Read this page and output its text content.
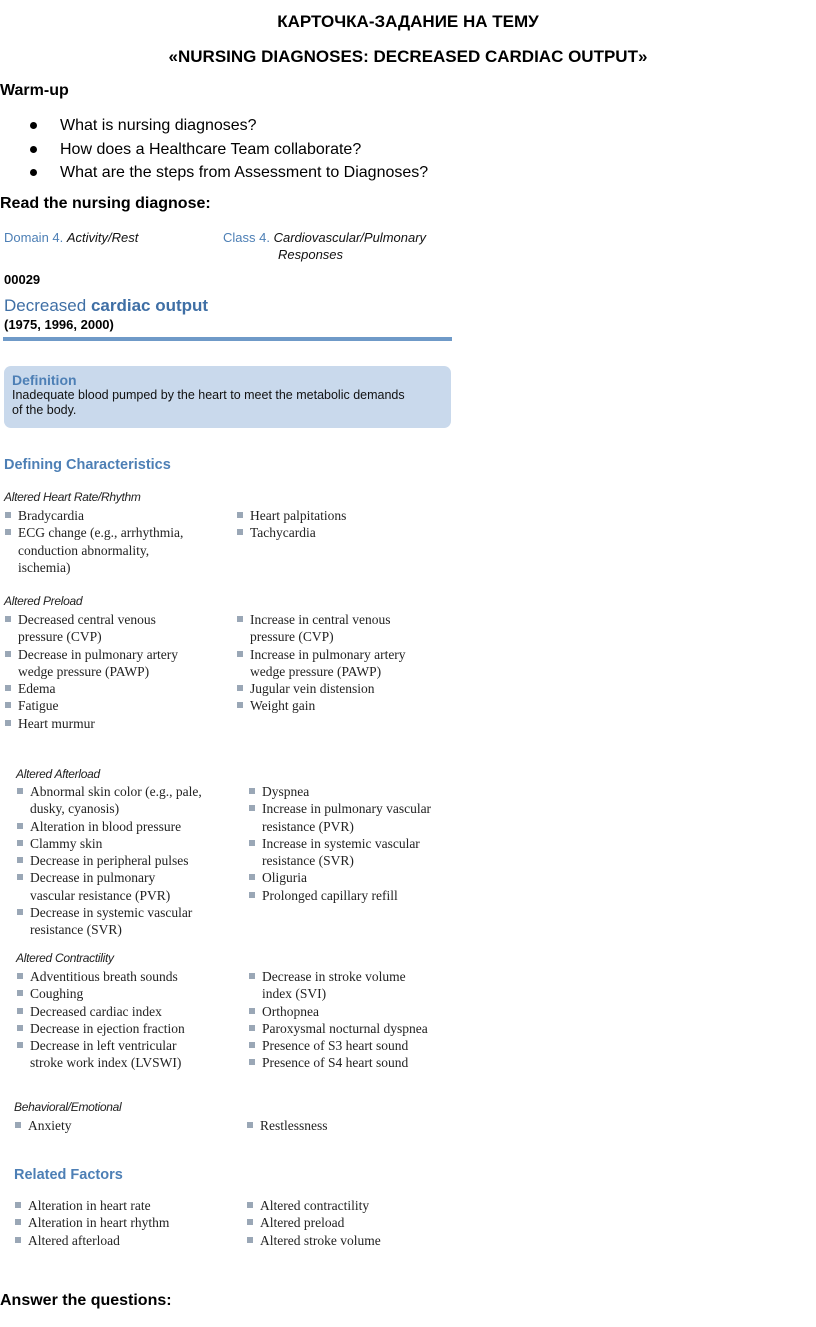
КАРТОЧКА-ЗАДАНИЕ НА ТЕМУ
«NURSING DIAGNOSES: DECREASED CARDIAC OUTPUT»
Warm-up
What is nursing diagnoses?
How does a Healthcare Team collaborate?
What are the steps from Assessment to Diagnoses?
Read the nursing diagnose:
Domain 4. Activity/Rest	Class 4. Cardiovascular/Pulmonary
Responses
00029
Decreased cardiac output
(1975, 1996, 2000)
Definition
Inadequate blood pumped by the heart to meet the metabolic demands
of the body.
Defining Characteristics
Altered Heart Rate/Rhythm
Bradycardia
ECG change (e.g., arrhythmia,
conduction abnormality,
ischemia)
Heart palpitations
Tachycardia
Altered Preload
Decreased central venous
pressure (CVP)
Decrease in pulmonary artery
wedge pressure (PAWP)
Edema
Fatigue
Heart murmur
Increase in central venous
pressure (CVP)
Increase in pulmonary artery
wedge pressure (PAWP)
Jugular vein distension
Weight gain
Altered Afterload
Abnormal skin color (e.g., pale,
dusky, cyanosis)
Alteration in blood pressure
Clammy skin
Decrease in peripheral pulses
Decrease in pulmonary
vascular resistance (PVR)
Decrease in systemic vascular
resistance (SVR)
Dyspnea
Increase in pulmonary vascular
resistance (PVR)
Increase in systemic vascular
resistance (SVR)
Oliguria
Prolonged capillary refill
Altered Contractility
Adventitious breath sounds
Coughing
Decreased cardiac index
Decrease in ejection fraction
Decrease in left ventricular
stroke work index (LVSWI)
Decrease in stroke volume
index (SVI)
Orthopnea
Paroxysmal nocturnal dyspnea
Presence of S3 heart sound
Presence of S4 heart sound
Behavioral/Emotional
Anxiety	Restlessness
Related Factors
Alteration in heart rate
Alteration in heart rhythm
Altered afterload
Altered contractility
Altered preload
Altered stroke volume
Answer the questions:
